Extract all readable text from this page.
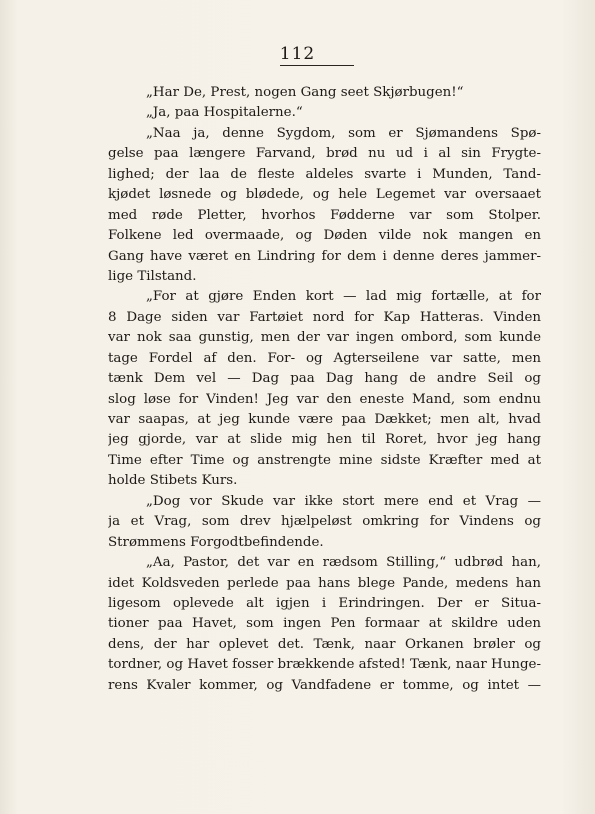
112
„Har De, Prest, nogen Gang seet Skjørbugen!“
„Ja, paa Hospitalerne.“
„Naa ja, denne Sygdom, som er Sjømandens Spø-
gelse paa længere Farvand, brød nu ud i al sin Frygte-
lighed; der laa de fleste aldeles svarte i Munden, Tand-
kjødet løsnede og blødede, og hele Legemet var oversaaet
med røde Pletter, hvorhos Fødderne var som Stolper.
Folkene led overmaade, og Døden vilde nok mangen en
Gang have været en Lindring for dem i denne deres jammer-
lige Tilstand.
„For at gjøre Enden kort — lad mig fortælle, at for
8 Dage siden var Fartøiet nord for Kap Hatteras. Vinden
var nok saa gunstig, men der var ingen ombord, som kunde
tage Fordel af den. For- og Agterseilene var satte, men
tænk Dem vel — Dag paa Dag hang de andre Seil og
slog løse for Vinden! Jeg var den eneste Mand, som endnu
var saapas, at jeg kunde være paa Dækket; men alt, hvad
jeg gjorde, var at slide mig hen til Roret, hvor jeg hang
Time efter Time og anstrengte mine sidste Kræfter med at
holde Stibets Kurs.
„Dog vor Skude var ikke stort mere end et Vrag —
ja et Vrag, som drev hjælpeløst omkring for Vindens og
Strømmens Forgodtbefindende.
„Aa, Pastor, det var en rædsom Stilling,“ udbrød han,
idet Koldsveden perlede paa hans blege Pande, medens han
ligesom oplevede alt igjen i Erindringen. Der er Situa-
tioner paa Havet, som ingen Pen formaar at skildre uden
dens, der har oplevet det. Tænk, naar Orkanen brøler og
tordner, og Havet fosser brækkende afsted! Tænk, naar Hunge-
rens Kvaler kommer, og Vandfadene er tomme, og intet —
